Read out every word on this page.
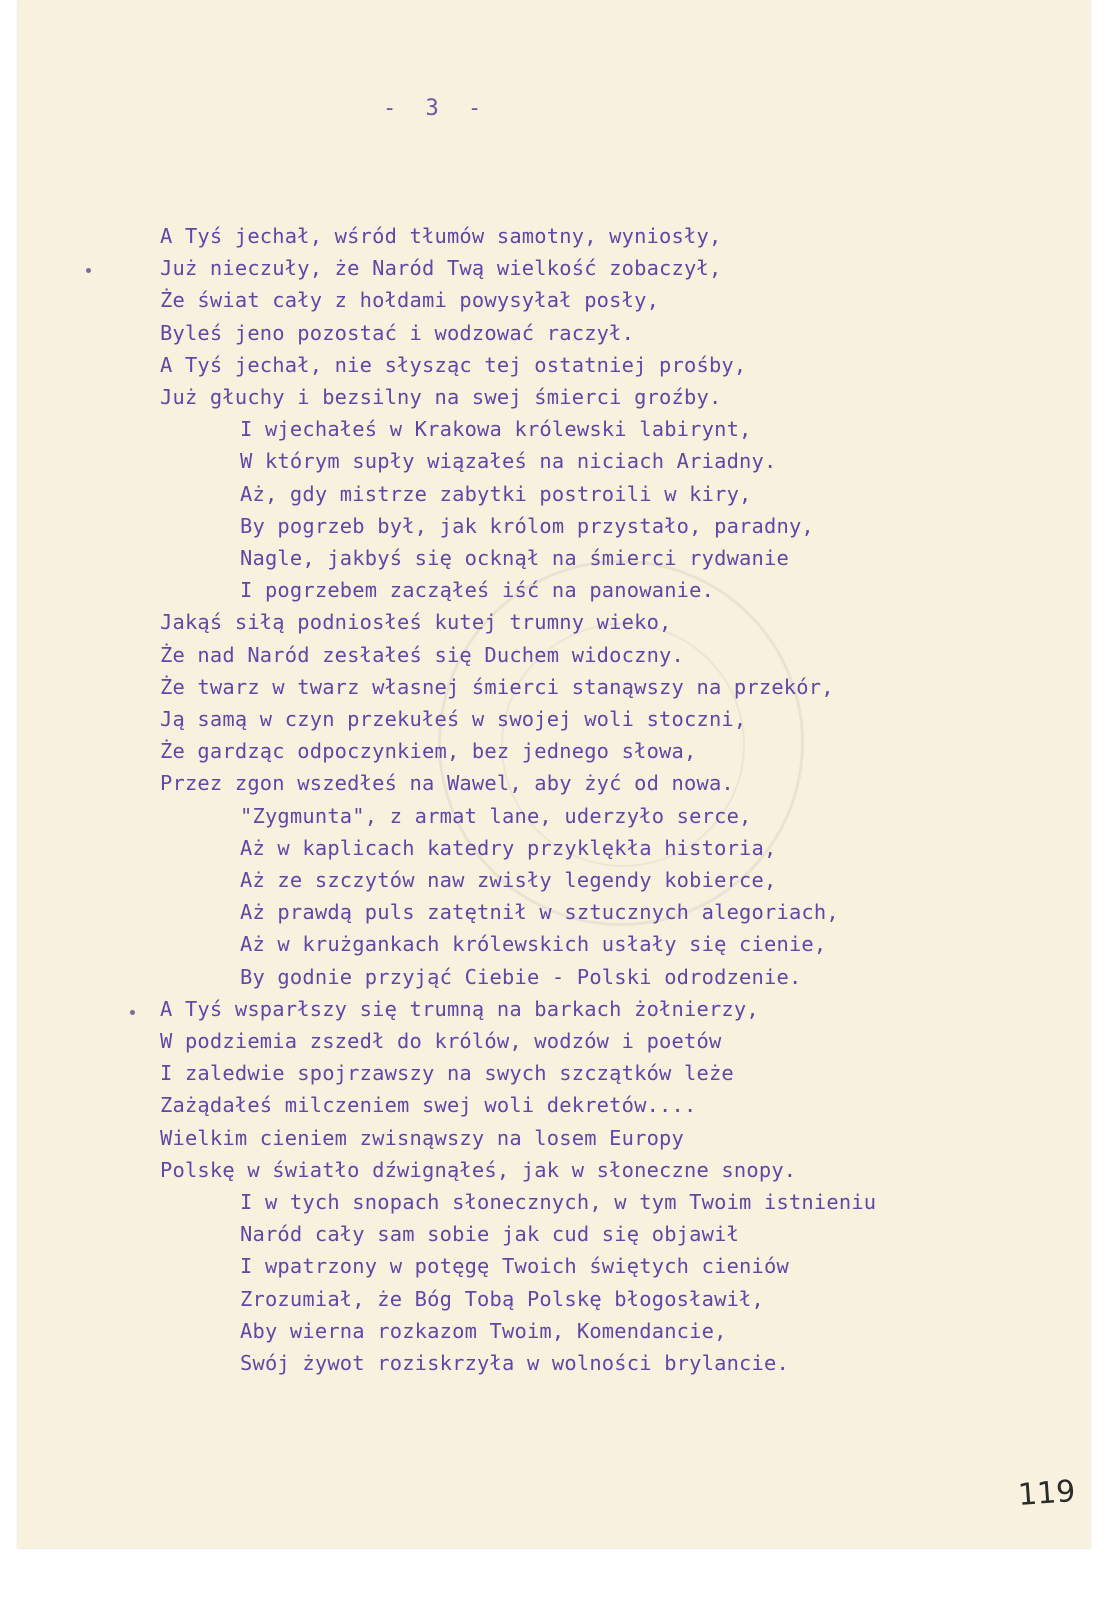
- 3 -
A Tyś jechał, wśród tłumów samotny, wyniosły,
Już nieczuły, że Naród Twą wielkość zobaczył,
Że świat cały z hołdami powysyłał posły,
Byleś jeno pozostać i wodzować raczył.
A Tyś jechał, nie słysząc tej ostatniej prośby,
Już głuchy i bezsilny na swej śmierci groźby.
I wjechałeś w Krakowa królewski labirynt,
W którym supły wiązałeś na niciach Ariadny.
Aż, gdy mistrze zabytki postroili w kiry,
By pogrzeb był, jak królom przystało, paradny,
Nagle, jakbyś się ocknął na śmierci rydwanie
I pogrzebem zacząłeś iść na panowanie.
Jakąś siłą podniosłeś kutej trumny wieko,
Że nad Naród zesłałeś się Duchem widoczny.
Że twarz w twarz własnej śmierci stanąwszy na przekór,
Ją samą w czyn przekułeś w swojej woli stoczni,
Że gardząc odpoczynkiem, bez jednego słowa,
Przez zgon wszedłeś na Wawel, aby żyć od nowa.
"Zygmunta", z armat lane, uderzyło serce,
Aż w kaplicach katedry przyklękła historia,
Aż ze szczytów naw zwisły legendy kobierce,
Aż prawdą puls zatętnił w sztucznych alegoriach,
Aż w krużgankach królewskich usłały się cienie,
By godnie przyjąć Ciebie - Polski odrodzenie.
A Tyś wsparłszy się trumną na barkach żołnierzy,
W podziemia zszedł do królów, wodzów i poetów
I zaledwie spojrzawszy na swych szczątków leże
Zażądałeś milczeniem swej woli dekretów....
Wielkim cieniem zwisnąwszy na losem Europy
Polskę w światło dźwignąłeś, jak w słoneczne snopy.
I w tych snopach słonecznych, w tym Twoim istnieniu
Naród cały sam sobie jak cud się objawił
I wpatrzony w potęgę Twoich świętych cieniów
Zrozumiał, że Bóg Tobą Polskę błogosławił,
Aby wierna rozkazom Twoim, Komendancie,
Swój żywot roziskrzyła w wolności brylancie.
119
